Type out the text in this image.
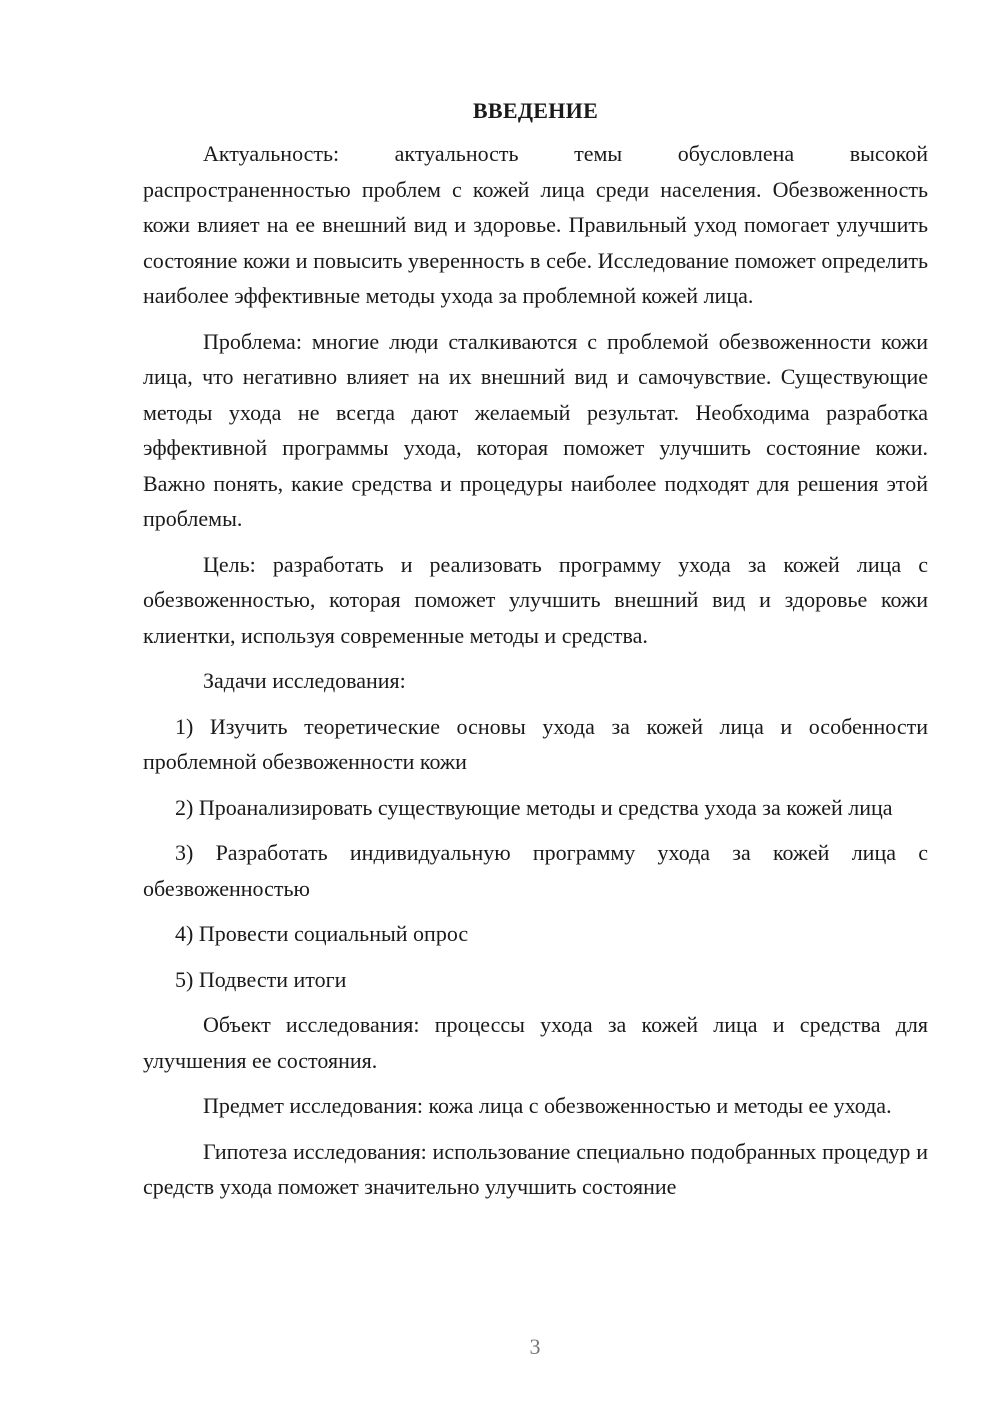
ВВЕДЕНИЕ

Актуальность: актуальность темы обусловлена высокой распространенностью проблем с кожей лица среди населения. Обезвоженность кожи влияет на ее внешний вид и здоровье. Правильный уход помогает улучшить состояние кожи и повысить уверенность в себе. Исследование поможет определить наиболее эффективные методы ухода за проблемной кожей лица.

Проблема: многие люди сталкиваются с проблемой обезвоженности кожи лица, что негативно влияет на их внешний вид и самочувствие. Существующие методы ухода не всегда дают желаемый результат. Необходима разработка эффективной программы ухода, которая поможет улучшить состояние кожи. Важно понять, какие средства и процедуры наиболее подходят для решения этой проблемы.

Цель: разработать и реализовать программу ухода за кожей лица с обезвоженностью, которая поможет улучшить внешний вид и здоровье кожи клиентки, используя современные методы и средства.

Задачи исследования:

1) Изучить теоретические основы ухода за кожей лица и особенности проблемной обезвоженности кожи

2) Проанализировать существующие методы и средства ухода за кожей лица

3) Разработать индивидуальную программу ухода за кожей лица с обезвоженностью

4) Провести социальный опрос

5) Подвести итоги

Объект исследования: процессы ухода за кожей лица и средства для улучшения ее состояния.

Предмет исследования: кожа лица с обезвоженностью и методы ее ухода.

Гипотеза исследования: использование специально подобранных процедур и средств ухода поможет значительно улучшить состояние

3
